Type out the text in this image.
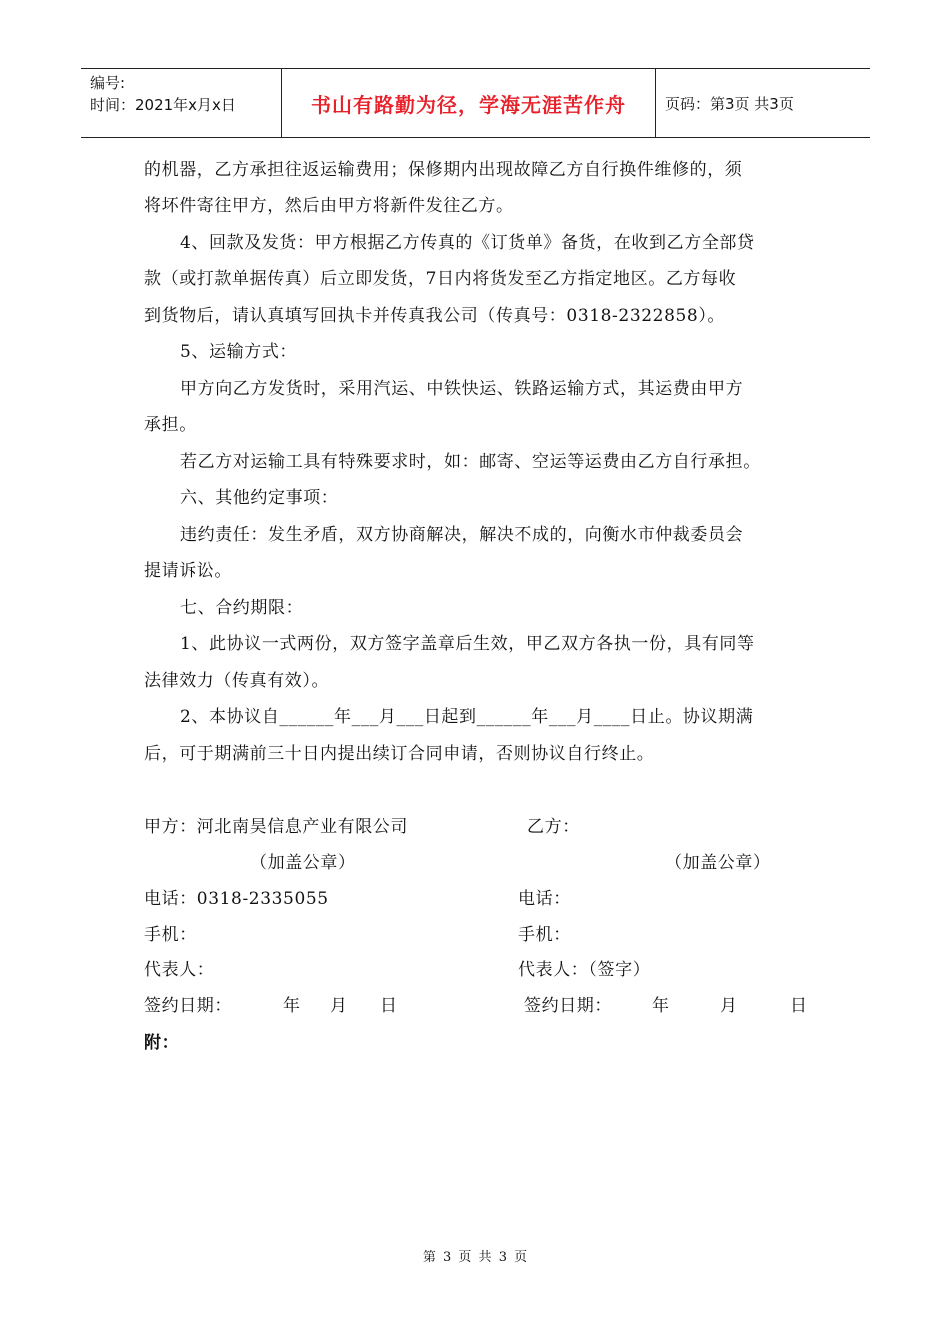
编号:
时间：2021年x月x日	书山有路勤为径，学海无涯苦作舟	页码：第3页 共3页
的机器，乙方承担往返运输费用；保修期内出现故障乙方自行换件维修的，须
将坏件寄往甲方，然后由甲方将新件发往乙方。
4、回款及发货：甲方根据乙方传真的《订货单》备货，在收到乙方全部贷
款（或打款单据传真）后立即发货，7日内将货发至乙方指定地区。乙方每收
到货物后，请认真填写回执卡并传真我公司（传真号：0318-2322858）。
5、运输方式：
甲方向乙方发货时，采用汽运、中铁快运、铁路运输方式，其运费由甲方
承担。
若乙方对运输工具有特殊要求时，如：邮寄、空运等运费由乙方自行承担。
六、其他约定事项：
违约责任：发生矛盾，双方协商解决，解决不成的，向衡水市仲裁委员会
提请诉讼。
七、合约期限：
1、此协议一式两份，双方签字盖章后生效，甲乙双方各执一份，具有同等
法律效力（传真有效）。
2、本协议自______年___月___日起到______年___月____日止。协议期满
后，可于期满前三十日内提出续订合同申请，否则协议自行终止。
甲方：河北南昊信息产业有限公司	乙方：
（加盖公章）	（加盖公章）
电话：0318-2335055	电话：
手机：	手机：
代表人：	代表人：（签字）
签约日期：	年 月 日	签约日期： 年	月	日
附：
第 3 页 共 3 页
